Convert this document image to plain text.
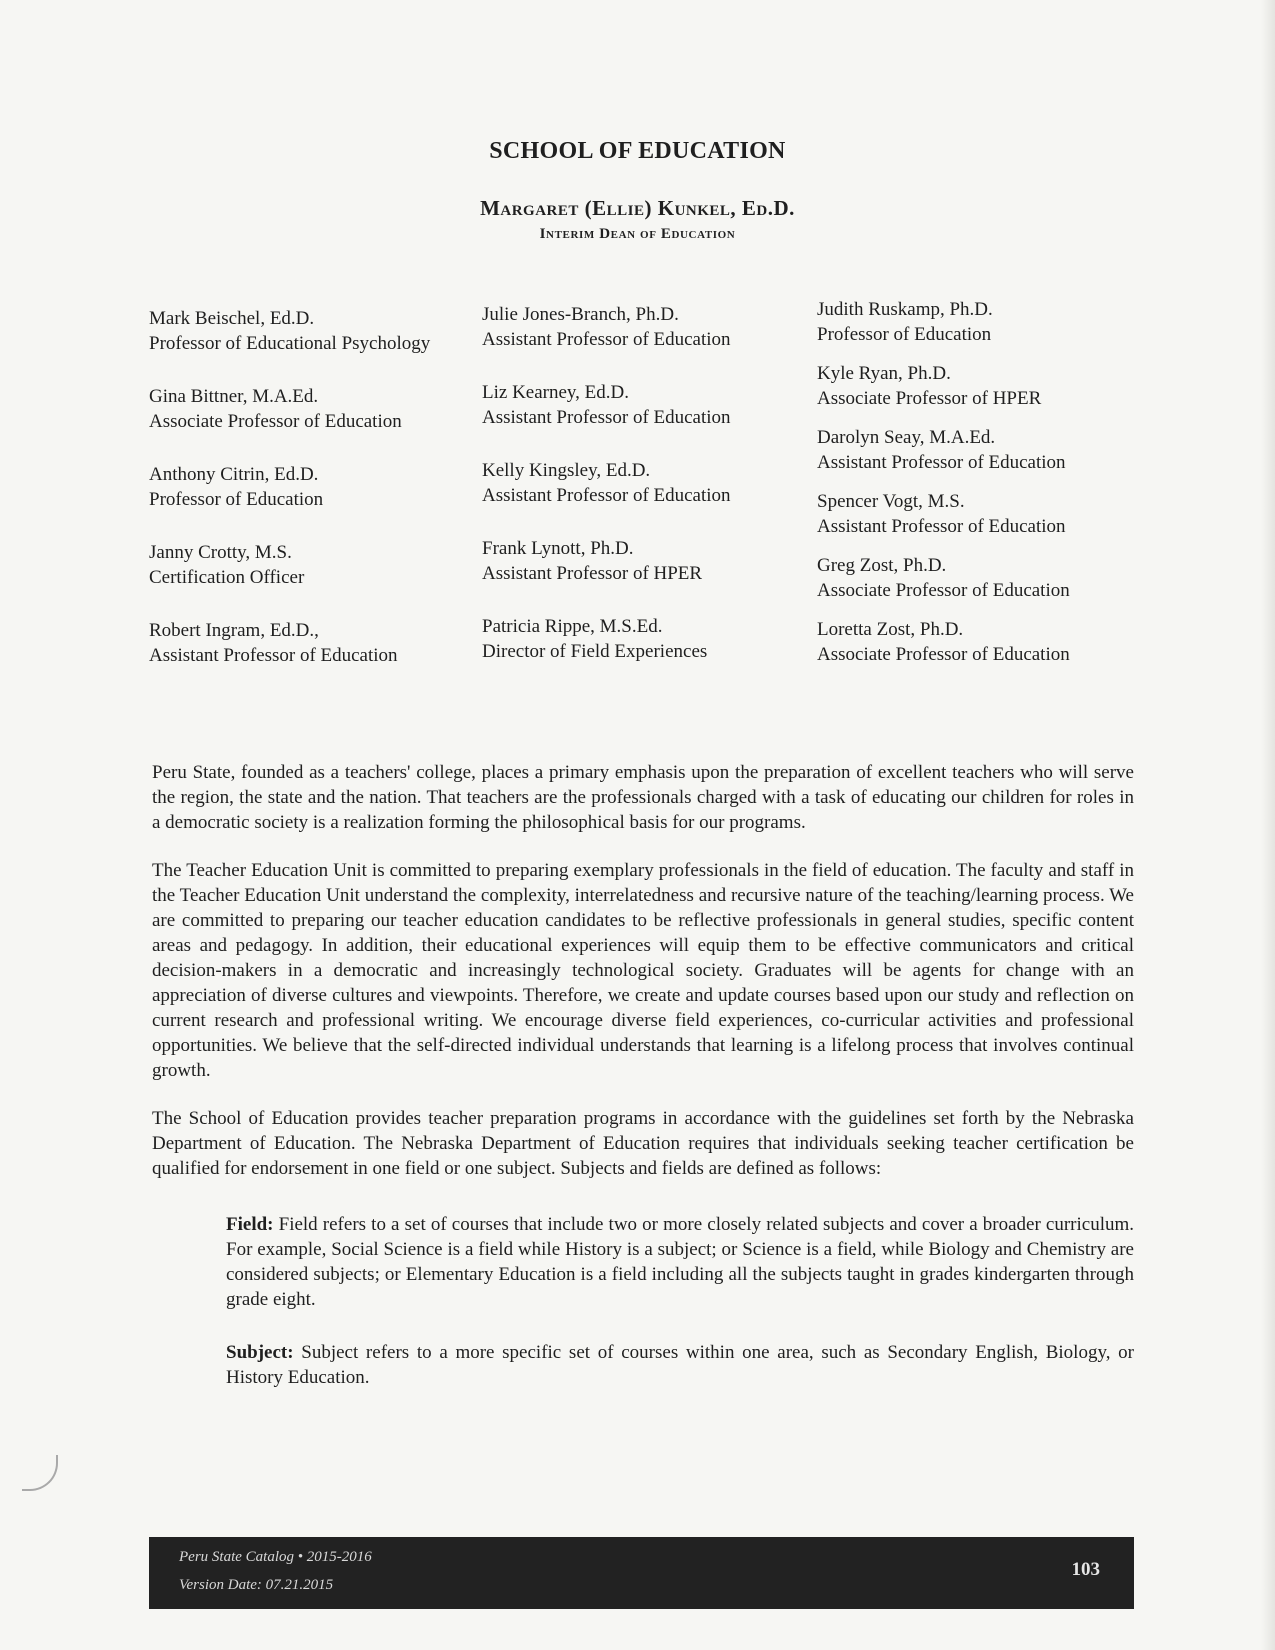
SCHOOL OF EDUCATION
Margaret (Ellie) Kunkel, Ed.D.
Interim Dean of Education
Mark Beischel, Ed.D.
Professor of Educational Psychology
Gina Bittner, M.A.Ed.
Associate Professor of Education
Anthony Citrin, Ed.D.
Professor of Education
Janny Crotty, M.S.
Certification Officer
Robert Ingram, Ed.D.,
Assistant Professor of Education
Julie Jones-Branch, Ph.D.
Assistant Professor of Education
Liz Kearney, Ed.D.
Assistant Professor of Education
Kelly Kingsley, Ed.D.
Assistant Professor of Education
Frank Lynott, Ph.D.
Assistant Professor of HPER
Patricia Rippe, M.S.Ed.
Director of Field Experiences
Judith Ruskamp, Ph.D.
Professor of Education
Kyle Ryan, Ph.D.
Associate Professor of HPER
Darolyn Seay, M.A.Ed.
Assistant Professor of Education
Spencer Vogt, M.S.
Assistant Professor of Education
Greg Zost, Ph.D.
Associate Professor of Education
Loretta Zost, Ph.D.
Associate Professor of Education

Peru State, founded as a teachers' college, places a primary emphasis upon the preparation of excellent teachers who will serve the region, the state and the nation. That teachers are the professionals charged with a task of educating our children for roles in a democratic society is a realization forming the philosophical basis for our programs.

The Teacher Education Unit is committed to preparing exemplary professionals in the field of education. The faculty and staff in the Teacher Education Unit understand the complexity, interrelatedness and recursive nature of the teaching/learning process. We are committed to preparing our teacher education candidates to be reflective professionals in general studies, specific content areas and pedagogy. In addition, their educational experiences will equip them to be effective communicators and critical decision-makers in a democratic and increasingly technological society. Graduates will be agents for change with an appreciation of diverse cultures and viewpoints. Therefore, we create and update courses based upon our study and reflection on current research and professional writing. We encourage diverse field experiences, co-curricular activities and professional opportunities. We believe that the self-directed individual understands that learning is a lifelong process that involves continual growth.

The School of Education provides teacher preparation programs in accordance with the guidelines set forth by the Nebraska Department of Education. The Nebraska Department of Education requires that individuals seeking teacher certification be qualified for endorsement in one field or one subject. Subjects and fields are defined as follows:

Field: Field refers to a set of courses that include two or more closely related subjects and cover a broader curriculum. For example, Social Science is a field while History is a subject; or Science is a field, while Biology and Chemistry are considered subjects; or Elementary Education is a field including all the subjects taught in grades kindergarten through grade eight.

Subject: Subject refers to a more specific set of courses within one area, such as Secondary English, Biology, or History Education.

Peru State Catalog • 2015-2016
Version Date: 07.21.2015
103
